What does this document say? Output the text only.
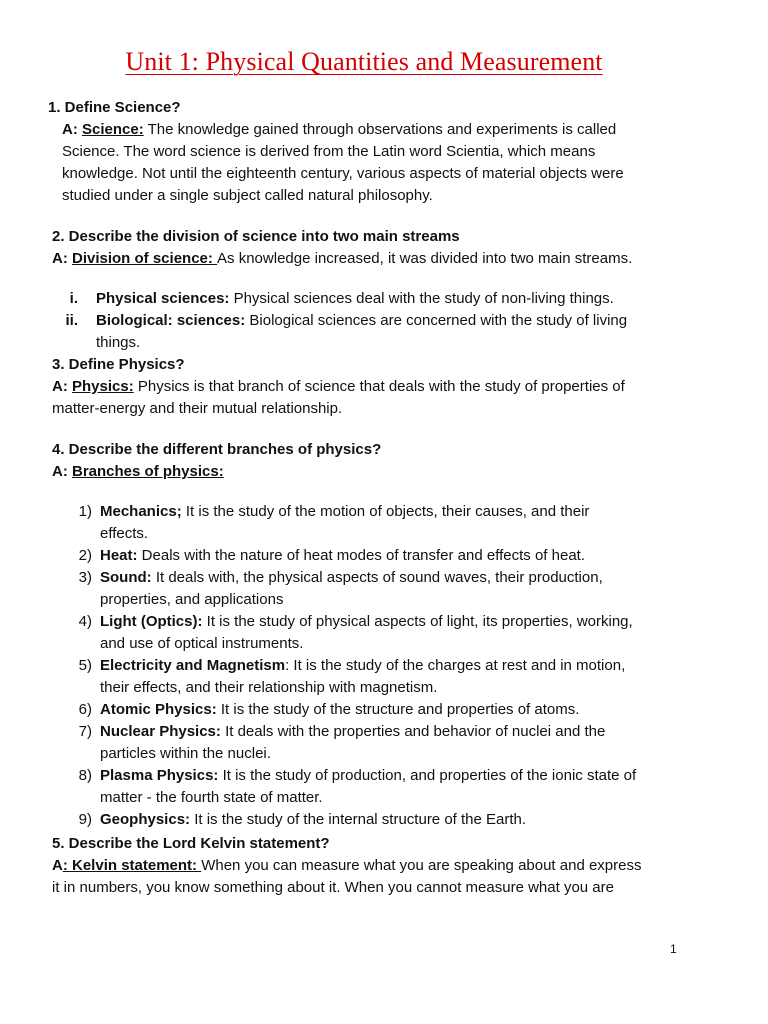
Unit 1: Physical Quantities and Measurement
1. Define Science?
A: Science: The knowledge gained through observations and experiments is called
Science. The word science is derived from the Latin word Scientia, which means
knowledge. Not until the eighteenth century, various aspects of material objects were
studied under a single subject called natural philosophy.
2. Describe the division of science into two main streams
A: Division of science: As knowledge increased, it was divided into two main streams.
i. Physical sciences: Physical sciences deal with the study of non-living things.
ii. Biological: sciences: Biological sciences are concerned with the study of living
things.
3. Define Physics?
A: Physics: Physics is that branch of science that deals with the study of properties of
matter-energy and their mutual relationship.
4. Describe the different branches of physics?
A: Branches of physics:
1) Mechanics; It is the study of the motion of objects, their causes, and their
effects.
2) Heat: Deals with the nature of heat modes of transfer and effects of heat.
3) Sound: It deals with, the physical aspects of sound waves, their production,
properties, and applications
4) Light (Optics): It is the study of physical aspects of light, its properties, working,
and use of optical instruments.
5) Electricity and Magnetism: It is the study of the charges at rest and in motion,
their effects, and their relationship with magnetism.
6) Atomic Physics: It is the study of the structure and properties of atoms.
7) Nuclear Physics: It deals with the properties and behavior of nuclei and the
particles within the nuclei.
8) Plasma Physics: It is the study of production, and properties of the ionic state of
matter - the fourth state of matter.
9) Geophysics: It is the study of the internal structure of the Earth.
5. Describe the Lord Kelvin statement?
A: Kelvin statement: When you can measure what you are speaking about and express
it in numbers, you know something about it. When you cannot measure what you are
1
